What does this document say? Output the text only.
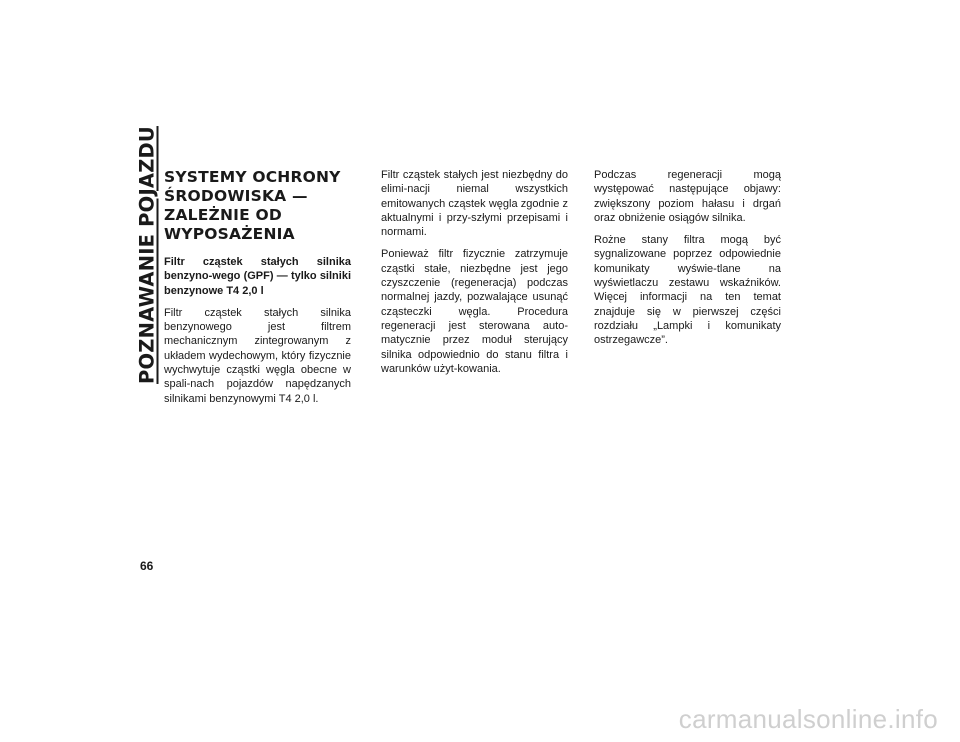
POZNAWANIE POJAZDU SYSTEMY OCHRONY ŚRODOWISKA — ZALEŻNIE OD WYPOSAŻENIA

Filtr cząstek stałych silnika benzyno-wego (GPF) — tylko silniki benzynowe T4 2,0 l

Filtr cząstek stałych silnika benzynowego jest filtrem mechanicznym zintegrowanym z układem wydechowym, który fizycznie wychwytuje cząstki węgla obecne w spali-nach pojazdów napędzanych silnikami benzynowymi T4 2,0 l.

Filtr cząstek stałych jest niezbędny do elimi-nacji niemal wszystkich emitowanych cząstek węgla zgodnie z aktualnymi i przy-szłymi przepisami i normami.

Ponieważ filtr fizycznie zatrzymuje cząstki stałe, niezbędne jest jego czyszczenie (regeneracja) podczas normalnej jazdy, pozwalające usunąć cząsteczki węgla. Procedura regeneracji jest sterowana auto-matycznie przez moduł sterujący silnika odpowiednio do stanu filtra i warunków użyt-kowania.

Podczas regeneracji mogą występować następujące objawy: zwiększony poziom hałasu i drgań oraz obniżenie osiągów silnika.

Rożne stany filtra mogą być sygnalizowane poprzez odpowiednie komunikaty wyświe-tlane na wyświetlaczu zestawu wskaźników. Więcej informacji na ten temat znajduje się w pierwszej części rozdziału „Lampki i komunikaty ostrzegawcze”.

66
carmanualsonline.info
